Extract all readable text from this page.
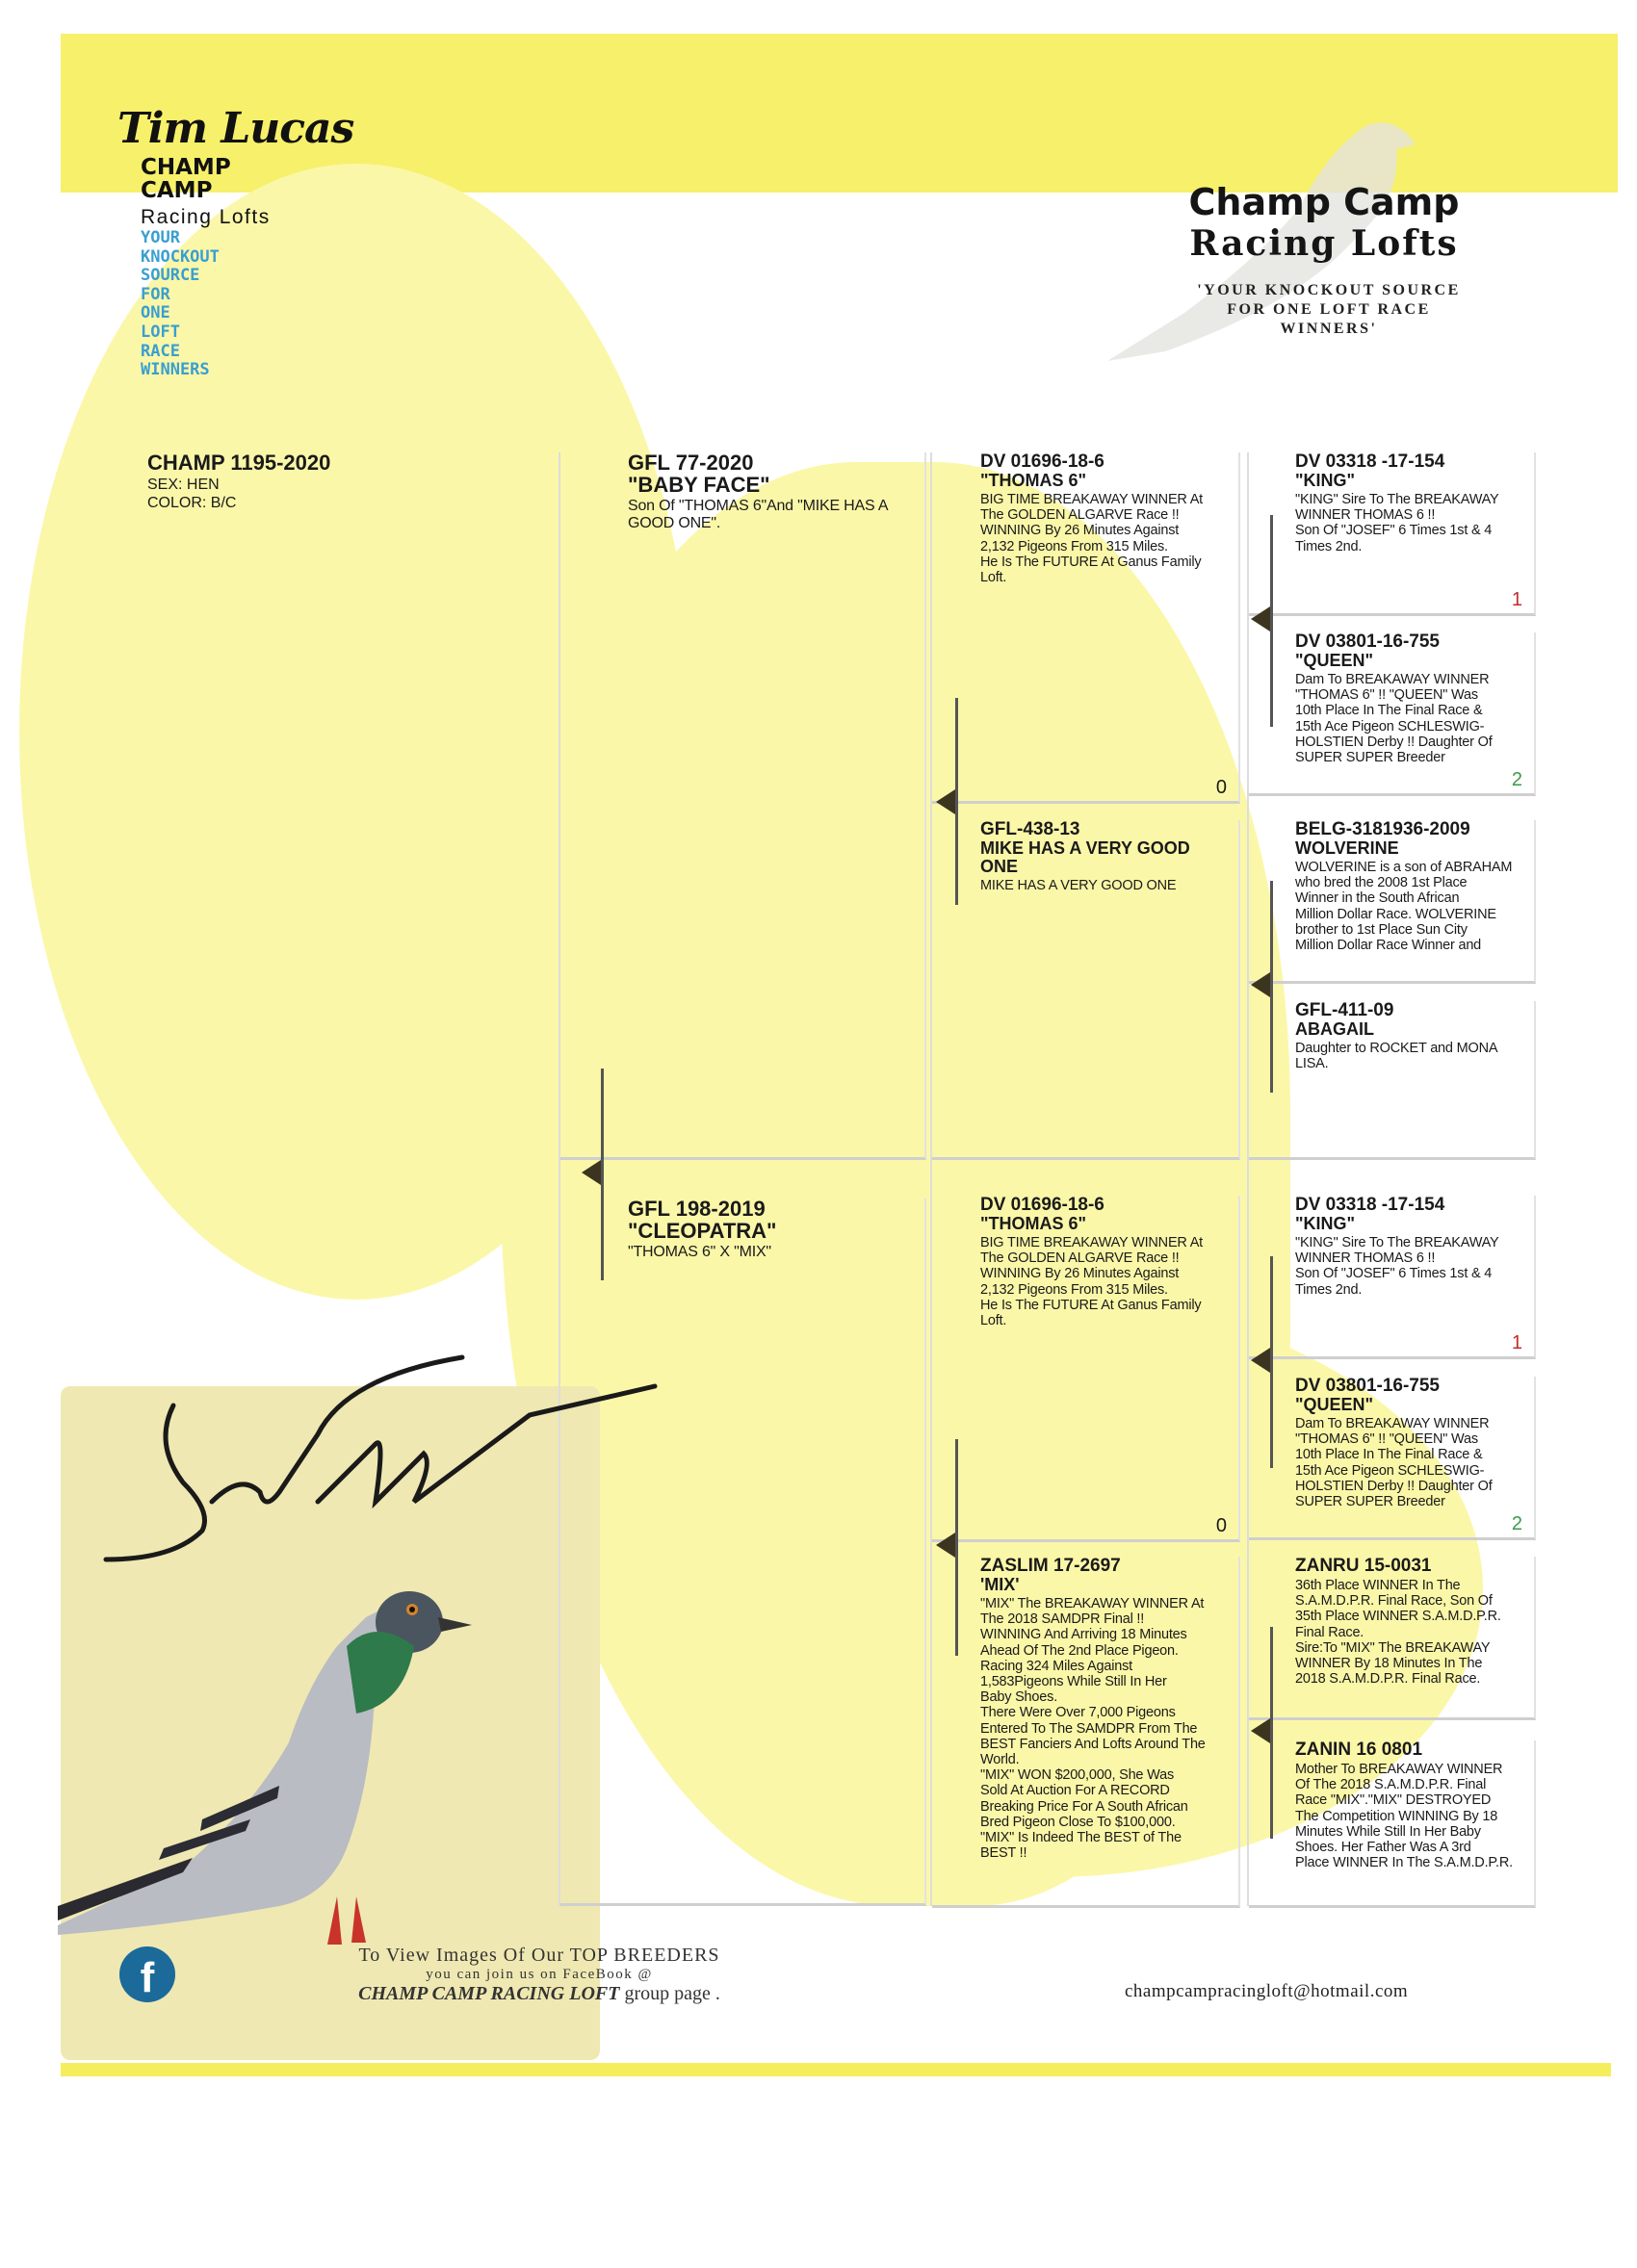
Tim Lucas
CHAMP
CAMP
Racing Lofts
YOUR
KNOCKOUT
SOURCE
FOR
ONE
LOFT
RACE
WINNERS
Champ Camp
Racing Lofts
'YOUR KNOCKOUT SOURCE
FOR ONE LOFT RACE
WINNERS'
CHAMP 1195-2020
SEX: HEN
COLOR: B/C
GFL 77-2020
"BABY FACE"
Son Of "THOMAS 6"And "MIKE HAS A GOOD ONE".
GFL 198-2019
"CLEOPATRA"
"THOMAS 6" X "MIX"
DV 01696-18-6
"THOMAS 6"
BIG TIME BREAKAWAY WINNER At
The GOLDEN ALGARVE Race !!
WINNING By 26 Minutes Against
2,132 Pigeons From 315 Miles.
He Is The FUTURE At Ganus Family
Loft.
0
GFL-438-13
MIKE HAS A VERY GOOD ONE
MIKE HAS A VERY GOOD ONE
DV 01696-18-6
"THOMAS 6"
BIG TIME BREAKAWAY WINNER At
The GOLDEN ALGARVE Race !!
WINNING By 26 Minutes Against
2,132 Pigeons From 315 Miles.
He Is The FUTURE At Ganus Family
Loft.
0
ZASLIM 17-2697
'MIX'
"MIX" The BREAKAWAY WINNER At
The 2018 SAMDPR Final !!
WINNING And Arriving 18 Minutes
Ahead Of The 2nd Place Pigeon.
Racing 324 Miles Against
1,583Pigeons While Still In Her
Baby Shoes.
There Were Over 7,000 Pigeons
Entered To The SAMDPR From The
BEST Fanciers And Lofts Around The
World.
"MIX" WON $200,000, She Was
Sold At Auction For A RECORD
Breaking Price For A South African
Bred Pigeon Close To $100,000.
"MIX" Is Indeed The BEST of The
BEST !!
DV 03318 -17-154
"KING"
"KING" Sire To The BREAKAWAY
WINNER THOMAS 6 !!
Son Of "JOSEF" 6 Times 1st & 4
Times 2nd.
1
DV 03801-16-755
"QUEEN"
Dam To BREAKAWAY WINNER
"THOMAS 6" !! "QUEEN" Was
10th Place In The Final Race &
15th Ace Pigeon SCHLESWIG-
HOLSTIEN Derby !! Daughter Of
SUPER SUPER Breeder
2
BELG-3181936-2009
WOLVERINE
WOLVERINE is a son of ABRAHAM
who bred the 2008 1st Place
Winner in the South African
Million Dollar Race. WOLVERINE
brother to 1st Place Sun City
Million Dollar Race Winner and
GFL-411-09
ABAGAIL
Daughter to ROCKET and MONA
LISA.
DV 03318 -17-154
"KING"
"KING" Sire To The BREAKAWAY
WINNER THOMAS 6 !!
Son Of "JOSEF" 6 Times 1st & 4
Times 2nd.
1
DV 03801-16-755
"QUEEN"
Dam To BREAKAWAY WINNER
"THOMAS 6" !! "QUEEN" Was
10th Place In The Final Race &
15th Ace Pigeon SCHLESWIG-
HOLSTIEN Derby !! Daughter Of
SUPER SUPER Breeder
2
ZANRU 15-0031
36th Place WINNER In The
S.A.M.D.P.R. Final Race, Son Of
35th Place WINNER S.A.M.D.P.R.
Final Race.
Sire:To "MIX" The BREAKAWAY
WINNER By 18 Minutes In The
2018 S.A.M.D.P.R. Final Race.
ZANIN 16 0801
Mother To BREAKAWAY WINNER
Of The 2018 S.A.M.D.P.R. Final
Race "MIX"."MIX" DESTROYED
The Competition WINNING By 18
Minutes While Still In Her Baby
Shoes. Her Father Was A 3rd
Place WINNER In The S.A.M.D.P.R.
f	To View Images Of Our TOP BREEDERS
you can join us on FaceBook @
CHAMP CAMP RACING LOFT group page .	champcampracingloft@hotmail.com
